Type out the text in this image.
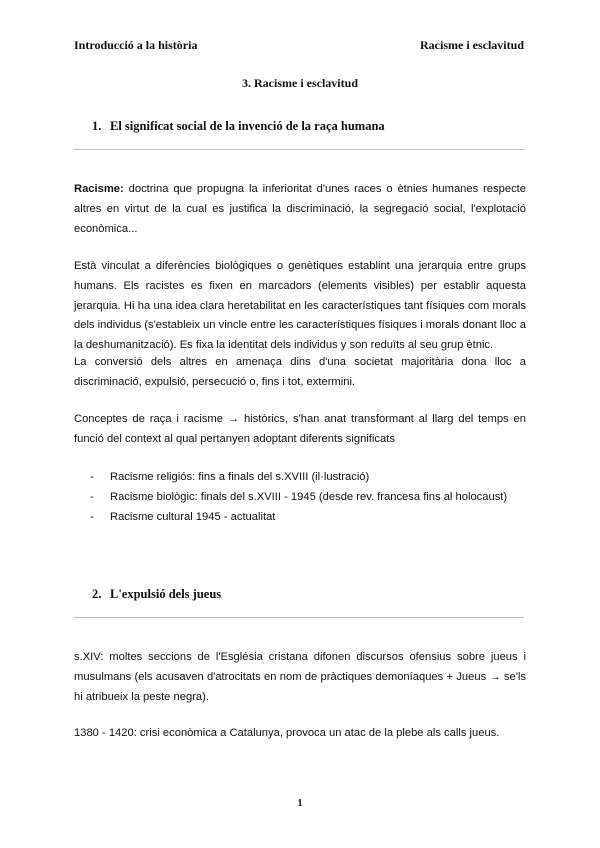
Introducció a la història	Racisme i esclavitud
3. Racisme i esclavitud
1. El significat social de la invenció de la raça humana

Racisme: doctrina que propugna la inferioritat d'unes races o ètnies humanes respecte altres en virtut de la cual es justifica la discriminació, la segregació social, l'explotació econòmica...

Està vinculat a diferències biològiques o genètiques establint una jerarquia entre grups humans. Els racistes es fixen en marcadors (elements visibles) per establir aquesta jerarquia. Hi ha una idea clara heretabilitat en les característiques tant físiques com morals dels individus (s'estableix un vincle entre les característiques físiques i morals donant lloc a la deshumanització). Es fixa la identitat dels individus y son reduïts al seu grup ètnic.

La conversió dels altres en amenaça dins d'una societat majoritària dona lloc a discriminació, expulsió, persecució o, fins i tot, extermini.

Conceptes de raça i racisme → històrics, s'han anat transformant al llarg del temps en funció del context al qual pertanyen adoptant diferents significats

- Racisme religiós: fins a finals del s.XVIII (il·lustració)
- Racisme biològic: finals del s.XVIII - 1945 (desde rev. francesa fins al holocaust)
- Racisme cultural 1945 - actualitat
2. L'expulsió dels jueus

s.XIV: moltes seccions de l'Església cristana difonen discursos ofensius sobre jueus i musulmans (els acusaven d'atrocitats en nom de pràctiques demoníaques + Jueus → se'ls hi atribueix la peste negra).

1380 - 1420: crisi econòmica a Catalunya, provoca un atac de la plebe als calls jueus.

1
